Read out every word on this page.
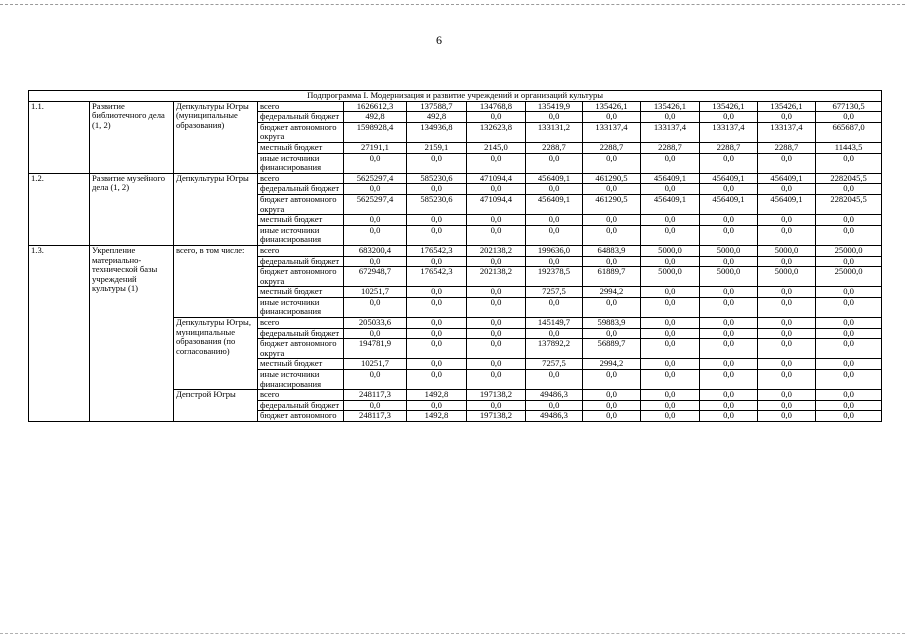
6
Подпрограмма I. Модернизация и развитие учреждений и организаций культуры												
1.1.	Развитие библиотечного дела (1, 2)	Депкультуры Югры (муниципальные образования)	всего	1626612,3	137588,7	134768,8	135419,9	135426,1	135426,1	135426,1	135426,1	677130,5
			федеральный бюджет	492,8	492,8	0,0	0,0	0,0	0,0	0,0	0,0	0,0
			бюджет автономного округа	1598928,4	134936,8	132623,8	133131,2	133137,4	133137,4	133137,4	133137,4	665687,0
			местный бюджет	27191,1	2159,1	2145,0	2288,7	2288,7	2288,7	2288,7	2288,7	11443,5
			иные источники финансирования	0,0	0,0	0,0	0,0	0,0	0,0	0,0	0,0	0,0
1.2.	Развитие музейного дела (1, 2)	Депкультуры Югры	всего	5625297,4	585230,6	471094,4	456409,1	461290,5	456409,1	456409,1	456409,1	2282045,5
			федеральный бюджет	0,0	0,0	0,0	0,0	0,0	0,0	0,0	0,0	0,0
			бюджет автономного округа	5625297,4	585230,6	471094,4	456409,1	461290,5	456409,1	456409,1	456409,1	2282045,5
			местный бюджет	0,0	0,0	0,0	0,0	0,0	0,0	0,0	0,0	0,0
			иные источники финансирования	0,0	0,0	0,0	0,0	0,0	0,0	0,0	0,0	0,0
1.3.	Укрепление материально-технической базы учреждений культуры (1)	всего, в том числе:	всего	683200,4	176542,3	202138,2	199636,0	64883,9	5000,0	5000,0	5000,0	25000,0
			федеральный бюджет	0,0	0,0	0,0	0,0	0,0	0,0	0,0	0,0	0,0
			бюджет автономного округа	672948,7	176542,3	202138,2	192378,5	61889,7	5000,0	5000,0	5000,0	25000,0
			местный бюджет	10251,7	0,0	0,0	7257,5	2994,2	0,0	0,0	0,0	0,0
			иные источники финансирования	0,0	0,0	0,0	0,0	0,0	0,0	0,0	0,0	0,0
		Депкультуры Югры, муниципальные образования (по согласованию)	всего	205033,6	0,0	0,0	145149,7	59883,9	0,0	0,0	0,0	0,0
			федеральный бюджет	0,0	0,0	0,0	0,0	0,0	0,0	0,0	0,0	0,0
			бюджет автономного округа	194781,9	0,0	0,0	137892,2	56889,7	0,0	0,0	0,0	0,0
			местный бюджет	10251,7	0,0	0,0	7257,5	2994,2	0,0	0,0	0,0	0,0
			иные источники финансирования	0,0	0,0	0,0	0,0	0,0	0,0	0,0	0,0	0,0
		Депстрой Югры	всего	248117,3	1492,8	197138,2	49486,3	0,0	0,0	0,0	0,0	0,0
			федеральный бюджет	0,0	0,0	0,0	0,0	0,0	0,0	0,0	0,0	0,0
			бюджет автономного	248117,3	1492,8	197138,2	49486,3	0,0	0,0	0,0	0,0	0,0
